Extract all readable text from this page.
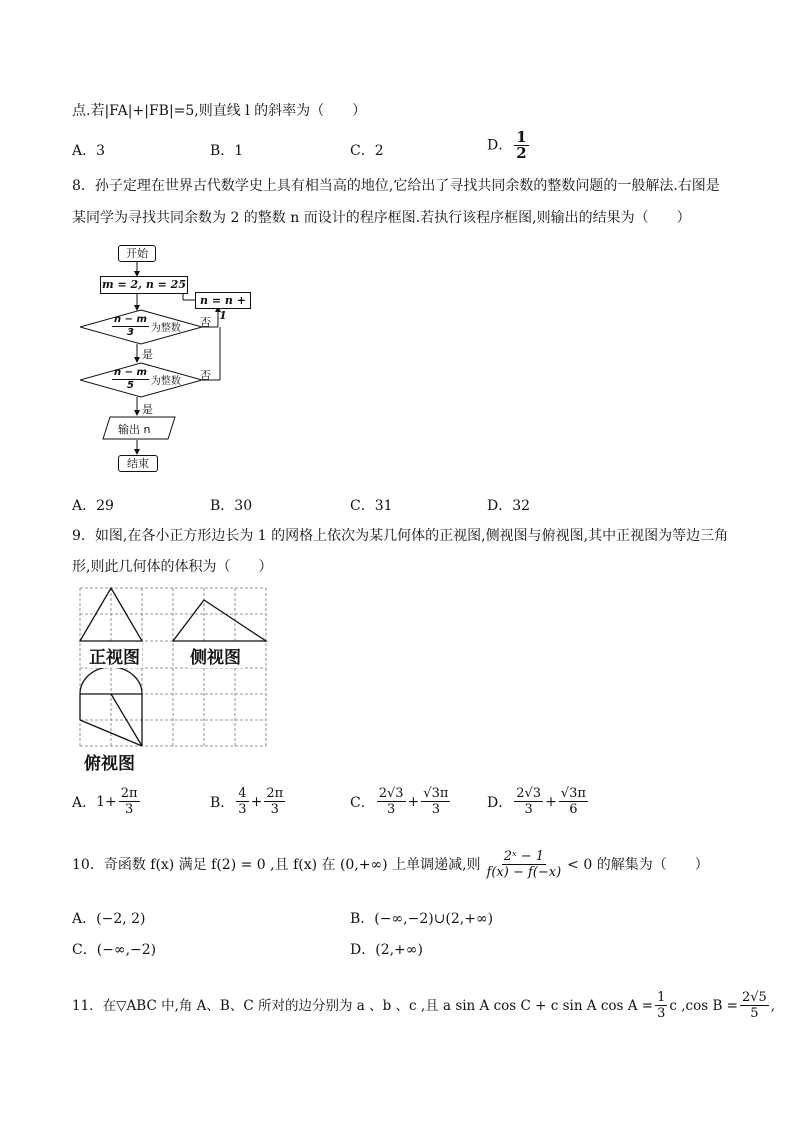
点.若|FA|+|FB|=5,则直线 l 的斜率为（　　）
A．3	B．1	C．2	D． $\frac{1}{2}$
8．孙子定理在世界古代数学史上具有相当高的地位,它给出了寻找共同余数的整数问题的一般解法.右图是
某同学为寻找共同余数为 2 的整数 n 而设计的程序框图.若执行该程序框图,则输出的结果为（　　）
开始
m = 2, n = 25
n = n + 1
$\frac{n - m}{3}$ 为整数
$\frac{n - m}{5}$ 为整数
否
否
是
是
输出 n
结束
A．29	B．30	C．31	D．32
9．如图,在各小正方形边长为 1 的网格上依次为某几何体的正视图,侧视图与俯视图,其中正视图为等边三角
形,则此几何体的体积为（　　）
正视图	侧视图
俯视图
A． $1+ \frac{2\pi}{3}$	B． $\frac{4}{3} + \frac{2\pi}{3}$	C． $\frac{2√3}{3} + \frac{√3\pi}{3}$	D． $\frac{2√3}{3} + \frac{√3\pi}{6}$
10．奇函数 f(x) 满足 f(2) = 0 ,且 f(x) 在 (0,+∞) 上单调递减,则 $\frac{\text{2ˣ − 1}}{f(x) - f(-x)} < 0$ 的解集为（　　）
A．(−2, 2)	B．(−∞,−2)∪(2,+∞)
C．(−∞,−2)	D．(2,+∞)
11．在▽ABC 中,角 A、B、C 所对的边分别为 a 、b 、c ,且 a sin A cos C + c sin A $\cos A = \frac{1}{3}$ c ,cos $B = \frac{2√5}{5}$ ,
